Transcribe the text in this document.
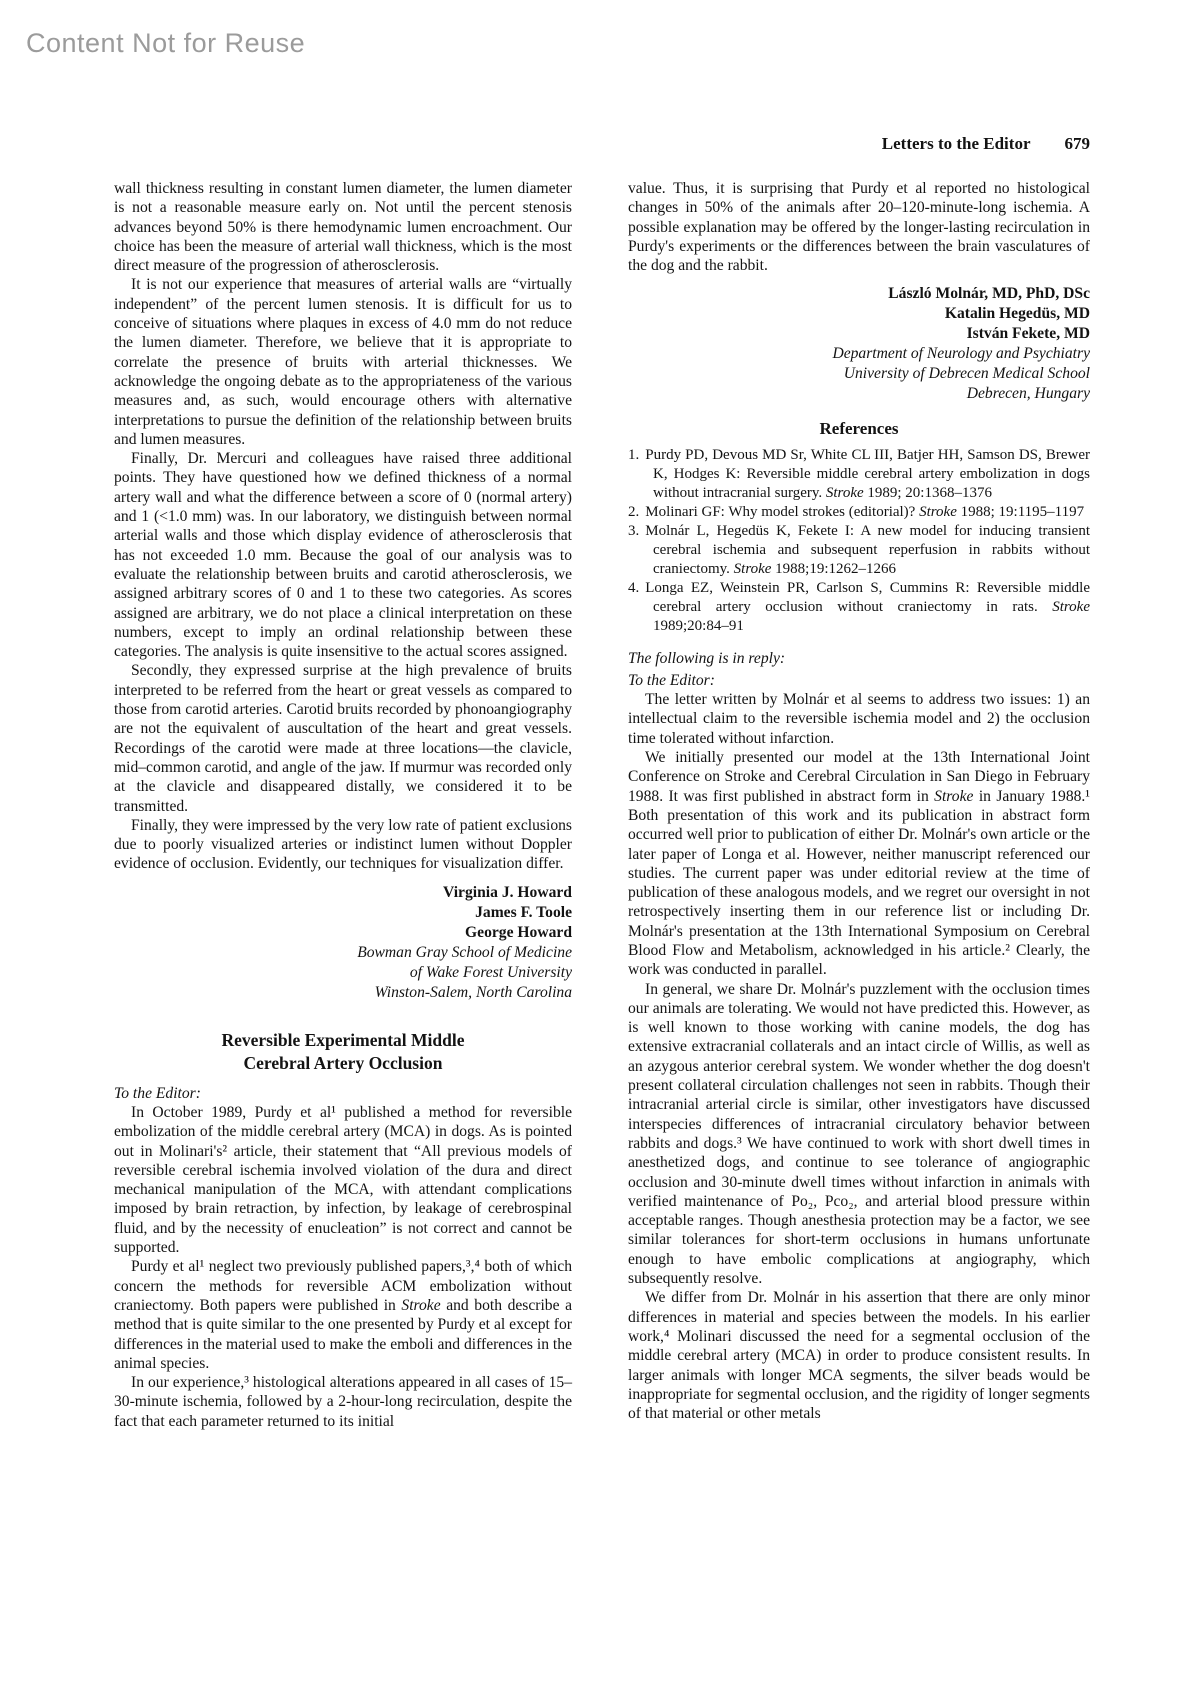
Content Not for Reuse
Letters to the Editor 679

wall thickness resulting in constant lumen diameter, the lumen diameter is not a reasonable measure early on. Not until the percent stenosis advances beyond 50% is there hemodynamic lumen encroachment. Our choice has been the measure of arterial wall thickness, which is the most direct measure of the progression of atherosclerosis.

It is not our experience that measures of arterial walls are “virtually independent” of the percent lumen stenosis. It is difficult for us to conceive of situations where plaques in excess of 4.0 mm do not reduce the lumen diameter. Therefore, we believe that it is appropriate to correlate the presence of bruits with arterial thicknesses. We acknowledge the ongoing debate as to the appropriateness of the various measures and, as such, would encourage others with alternative interpretations to pursue the definition of the relationship between bruits and lumen measures.

Finally, Dr. Mercuri and colleagues have raised three additional points. They have questioned how we defined thickness of a normal artery wall and what the difference between a score of 0 (normal artery) and 1 (<1.0 mm) was. In our laboratory, we distinguish between normal arterial walls and those which display evidence of atherosclerosis that has not exceeded 1.0 mm. Because the goal of our analysis was to evaluate the relationship between bruits and carotid atherosclerosis, we assigned arbitrary scores of 0 and 1 to these two categories. As scores assigned are arbitrary, we do not place a clinical interpretation on these numbers, except to imply an ordinal relationship between these categories. The analysis is quite insensitive to the actual scores assigned.

Secondly, they expressed surprise at the high prevalence of bruits interpreted to be referred from the heart or great vessels as compared to those from carotid arteries. Carotid bruits recorded by phonoangiography are not the equivalent of auscultation of the heart and great vessels. Recordings of the carotid were made at three locations—the clavicle, mid–common carotid, and angle of the jaw. If murmur was recorded only at the clavicle and disappeared distally, we considered it to be transmitted.

Finally, they were impressed by the very low rate of patient exclusions due to poorly visualized arteries or indistinct lumen without Doppler evidence of occlusion. Evidently, our techniques for visualization differ.

Virginia J. Howard
James F. Toole
George Howard
Bowman Gray School of Medicine
of Wake Forest University
Winston-Salem, North Carolina
Reversible Experimental Middle
Cerebral Artery Occlusion

To the Editor:

In October 1989, Purdy et al¹ published a method for reversible embolization of the middle cerebral artery (MCA) in dogs. As is pointed out in Molinari's² article, their statement that “All previous models of reversible cerebral ischemia involved violation of the dura and direct mechanical manipulation of the MCA, with attendant complications imposed by brain retraction, by infection, by leakage of cerebrospinal fluid, and by the necessity of enucleation” is not correct and cannot be supported.

Purdy et al¹ neglect two previously published papers,³,⁴ both of which concern the methods for reversible ACM embolization without craniectomy. Both papers were published in Stroke and both describe a method that is quite similar to the one presented by Purdy et al except for differences in the material used to make the emboli and differences in the animal species.

In our experience,³ histological alterations appeared in all cases of 15–30-minute ischemia, followed by a 2-hour-long recirculation, despite the fact that each parameter returned to its initial

value. Thus, it is surprising that Purdy et al reported no histological changes in 50% of the animals after 20–120-minute-long ischemia. A possible explanation may be offered by the longer-lasting recirculation in Purdy's experiments or the differences between the brain vasculatures of the dog and the rabbit.

László Molnár, MD, PhD, DSc
Katalin Hegedüs, MD
István Fekete, MD
Department of Neurology and Psychiatry
University of Debrecen Medical School
Debrecen, Hungary
References
1. Purdy PD, Devous MD Sr, White CL III, Batjer HH, Samson DS, Brewer K, Hodges K: Reversible middle cerebral artery embolization in dogs without intracranial surgery. Stroke 1989; 20:1368–1376
2. Molinari GF: Why model strokes (editorial)? Stroke 1988; 19:1195–1197
3. Molnár L, Hegedüs K, Fekete I: A new model for inducing transient cerebral ischemia and subsequent reperfusion in rabbits without craniectomy. Stroke 1988;19:1262–1266
4. Longa EZ, Weinstein PR, Carlson S, Cummins R: Reversible middle cerebral artery occlusion without craniectomy in rats. Stroke 1989;20:84–91

The following is in reply:

To the Editor:

The letter written by Molnár et al seems to address two issues: 1) an intellectual claim to the reversible ischemia model and 2) the occlusion time tolerated without infarction.

We initially presented our model at the 13th International Joint Conference on Stroke and Cerebral Circulation in San Diego in February 1988. It was first published in abstract form in Stroke in January 1988.¹ Both presentation of this work and its publication in abstract form occurred well prior to publication of either Dr. Molnár's own article or the later paper of Longa et al. However, neither manuscript referenced our studies. The current paper was under editorial review at the time of publication of these analogous models, and we regret our oversight in not retrospectively inserting them in our reference list or including Dr. Molnár's presentation at the 13th International Symposium on Cerebral Blood Flow and Metabolism, acknowledged in his article.² Clearly, the work was conducted in parallel.

In general, we share Dr. Molnár's puzzlement with the occlusion times our animals are tolerating. We would not have predicted this. However, as is well known to those working with canine models, the dog has extensive extracranial collaterals and an intact circle of Willis, as well as an azygous anterior cerebral system. We wonder whether the dog doesn't present collateral circulation challenges not seen in rabbits. Though their intracranial arterial circle is similar, other investigators have discussed interspecies differences of intracranial circulatory behavior between rabbits and dogs.³ We have continued to work with short dwell times in anesthetized dogs, and continue to see tolerance of angiographic occlusion and 30-minute dwell times without infarction in animals with verified maintenance of Po₂, Pco₂, and arterial blood pressure within acceptable ranges. Though anesthesia protection may be a factor, we see similar tolerances for short-term occlusions in humans unfortunate enough to have embolic complications at angiography, which subsequently resolve.

We differ from Dr. Molnár in his assertion that there are only minor differences in material and species between the models. In his earlier work,⁴ Molinari discussed the need for a segmental occlusion of the middle cerebral artery (MCA) in order to produce consistent results. In larger animals with longer MCA segments, the silver beads would be inappropriate for segmental occlusion, and the rigidity of longer segments of that material or other metals
